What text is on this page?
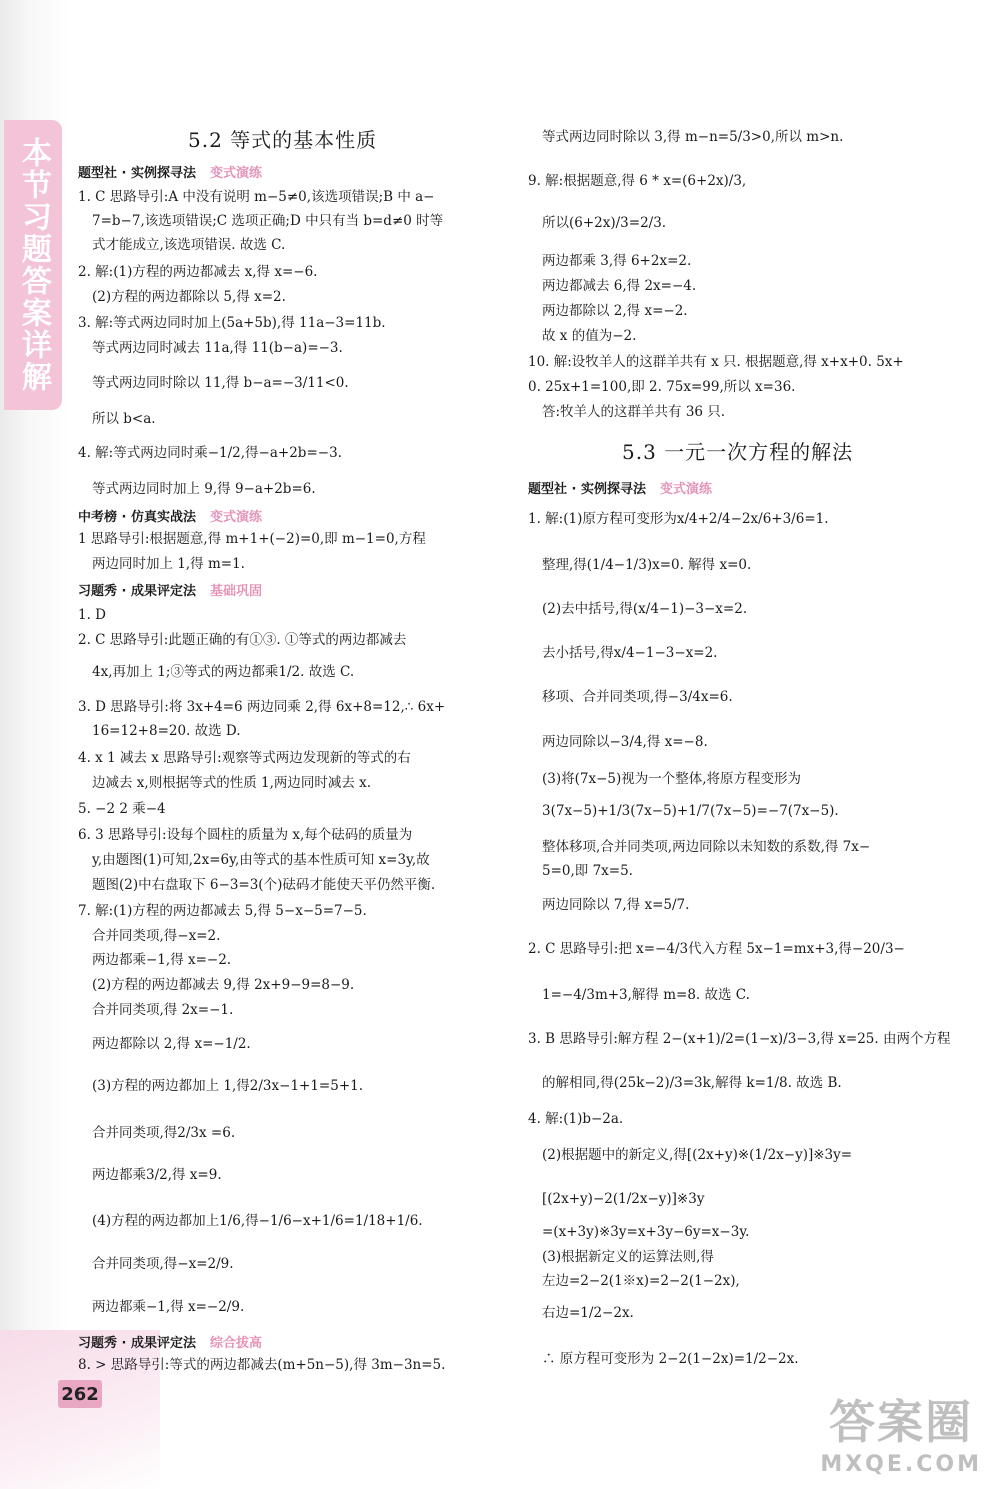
本节习题答案详解
262
5.2 等式的基本性质
题型社 · 实例探寻法 变式演练
1. C 思路导引:A 中没有说明 m−5≠0,该选项错误;B 中 a−
7=b−7,该选项错误;C 选项正确;D 中只有当 b=d≠0 时等
式才能成立,该选项错误. 故选 C.
2. 解:(1)方程的两边都减去 x,得 x=−6.
(2)方程的两边都除以 5,得 x=2.
3. 解:等式两边同时加上(5a+5b),得 11a−3=11b.
等式两边同时减去 11a,得 11(b−a)=−3.
等式两边同时除以 11,得 b−a=−3/11<0.
所以 b<a.
4. 解:等式两边同时乘−1/2,得−a+2b=−3.
等式两边同时加上 9,得 9−a+2b=6.
中考榜 · 仿真实战法 变式演练
1 思路导引:根据题意,得 m+1+(−2)=0,即 m−1=0,方程
两边同时加上 1,得 m=1.
习题秀 · 成果评定法 基础巩固
1. D
2. C 思路导引:此题正确的有①③. ①等式的两边都减去
4x,再加上 1;③等式的两边都乘1/2. 故选 C.
3. D 思路导引:将 3x+4=6 两边同乘 2,得 6x+8=12,∴ 6x+
16=12+8=20. 故选 D.
4. x 1 减去 x 思路导引:观察等式两边发现新的等式的右
边减去 x,则根据等式的性质 1,两边同时减去 x.
5. −2 2 乘−4
6. 3 思路导引:设每个圆柱的质量为 x,每个砝码的质量为
y,由题图(1)可知,2x=6y,由等式的基本性质可知 x=3y,故
题图(2)中右盘取下 6−3=3(个)砝码才能使天平仍然平衡.
7. 解:(1)方程的两边都减去 5,得 5−x−5=7−5.
合并同类项,得−x=2.
两边都乘−1,得 x=−2.
(2)方程的两边都减去 9,得 2x+9−9=8−9.
合并同类项,得 2x=−1.
两边都除以 2,得 x=−1/2.
(3)方程的两边都加上 1,得2/3x−1+1=5+1.
合并同类项,得2/3x =6.
两边都乘3/2,得 x=9.
(4)方程的两边都加上1/6,得−1/6−x+1/6=1/18+1/6.
合并同类项,得−x=2/9.
两边都乘−1,得 x=−2/9.
习题秀 · 成果评定法 综合拔高
8. > 思路导引:等式的两边都减去(m+5n−5),得 3m−3n=5.
5.3 一元一次方程的解法
等式两边同时除以 3,得 m−n=5/3>0,所以 m>n.
9. 解:根据题意,得 6 * x=(6+2x)/3,
所以(6+2x)/3=2/3.
两边都乘 3,得 6+2x=2.
两边都减去 6,得 2x=−4.
两边都除以 2,得 x=−2.
故 x 的值为−2.
10. 解:设牧羊人的这群羊共有 x 只. 根据题意,得 x+x+0. 5x+
0. 25x+1=100,即 2. 75x=99,所以 x=36.
答:牧羊人的这群羊共有 36 只.
题型社 · 实例探寻法 变式演练
1. 解:(1)原方程可变形为x/4+2/4−2x/6+3/6=1.
整理,得(1/4−1/3)x=0. 解得 x=0.
(2)去中括号,得(x/4−1)−3−x=2.
去小括号,得x/4−1−3−x=2.
移项、合并同类项,得−3/4x=6.
两边同除以−3/4,得 x=−8.
(3)将(7x−5)视为一个整体,将原方程变形为
3(7x−5)+1/3(7x−5)+1/7(7x−5)=−7(7x−5).
整体移项,合并同类项,两边同除以未知数的系数,得 7x−
5=0,即 7x=5.
两边同除以 7,得 x=5/7.
2. C 思路导引:把 x=−4/3代入方程 5x−1=mx+3,得−20/3−
1=−4/3m+3,解得 m=8. 故选 C.
3. B 思路导引:解方程 2−(x+1)/2=(1−x)/3−3,得 x=25. 由两个方程
的解相同,得(25k−2)/3=3k,解得 k=1/8. 故选 B.
4. 解:(1)b−2a.
(2)根据题中的新定义,得[(2x+y)※(1/2x−y)]※3y=
[(2x+y)−2(1/2x−y)]※3y
=(x+3y)※3y=x+3y−6y=x−3y.
(3)根据新定义的运算法则,得
左边=2−2(1※x)=2−2(1−2x),
右边=1/2−2x.
∴ 原方程可变形为 2−2(1−2x)=1/2−2x.
答案圈
MXQE.COM
